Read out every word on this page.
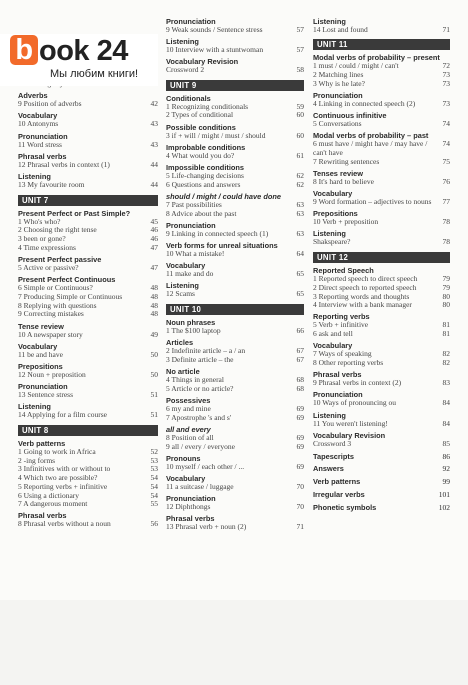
Adverbs
9 Position of adverbs	42
Vocabulary
10 Antonyms	43
Pronunciation
11 Word stress	43
Phrasal verbs
12 Phrasal verbs in context (1)	44
Listening
13 My favourite room	44
UNIT 7
Present Perfect or Past Simple?
1 Who's who?	45
2 Choosing the right tense	46
3 been or gone?	46
4 Time expressions	47
Present Perfect passive
5 Active or passive?	47
Present Perfect Continuous
6 Simple or Continuous?	48
7 Producing Simple or Continuous	48
8 Replying with questions	48
9 Correcting mistakes	48
Tense review
10 A newspaper story	49
Vocabulary
11 be and have	50
Prepositions
12 Noun + preposition	50
Pronunciation
13 Sentence stress	51
Listening
14 Applying for a film course	51
UNIT 8
Verb patterns
1 Going to work in Africa	52
2 -ing forms	53
3 Infinitives with or without to	53
4 Which two are possible?	54
5 Reporting verbs + infinitive	54
6 Using a dictionary	54
7 A dangerous moment	55
Phrasal verbs
8 Phrasal verbs without a noun	56
Pronunciation
9 Weak sounds / Sentence stress	57
Listening
10 Interview with a stuntwoman	57
Vocabulary Revision
Crossword 2	58
UNIT 9
Conditionals
1 Recognizing conditionals	59
2 Types of conditional	60
Possible conditions
3 if + will / might / must / should	60
Improbable conditions
4 What would you do?	61
Impossible conditions
5 Life-changing decisions	62
6 Questions and answers	62
should / might / could have done
7 Past possibilities	63
8 Advice about the past	63
Pronunciation
9 Linking in connected speech (1)	63
Verb forms for unreal situations
10 What a mistake!	64
Vocabulary
11 make and do	65
Listening
12 Scams	65
UNIT 10
Noun phrases
1 The $100 laptop	66
Articles
2 Indefinite article – a / an	67
3 Definite article – the	67
No article
4 Things in general	68
5 Article or no article?	68
Possessives
6 my and mine	69
7 Apostrophe 's and s'	69
all and every
8 Position of all	69
9 all / every / everyone	69
Pronouns
10 myself / each other / ...	69
Vocabulary
11 a suitcase / luggage	70
Pronunciation
12 Diphthongs	70
Phrasal verbs
13 Phrasal verb + noun (2)	71
Listening
14 Lost and found	71
UNIT 11
Modal verbs of probability – present
1 must / could / might / can't	72
2 Matching lines	73
3 Why is he late?	73
Pronunciation
4 Linking in connected speech (2)	73
Continuous infinitive
5 Conversations	74
Modal verbs of probability – past
6 must have / might have / may have / can't have
74
7 Rewriting sentences	75
Tenses review
8 It's hard to believe	76
Vocabulary
9 Word formation – adjectives to nouns	77
Prepositions
10 Verb + preposition	78
Listening
Shakspeare?	78
UNIT 12
Reported Speech
1 Reported speech to direct speech	79
2 Direct speech to reported speech	79
3 Reporting words and thoughts	80
4 Interview with a bank manager	80
Reporting verbs
5 Verb + infinitive	81
6 ask and tell	81
Vocabulary
7 Ways of speaking	82
8 Other reporting verbs	82
Phrasal verbs
9 Phrasal verbs in context (2)	83
Pronunciation
10 Ways of pronouncing ou	84
Listening
11 You weren't listening!	84
Vocabulary Revision
Crossword 3	85
Tapescripts	86
Answers	92
Verb patterns	99
Irregular verbs	101
Phonetic symbols	102
b ook 24
Мы любим книги!
